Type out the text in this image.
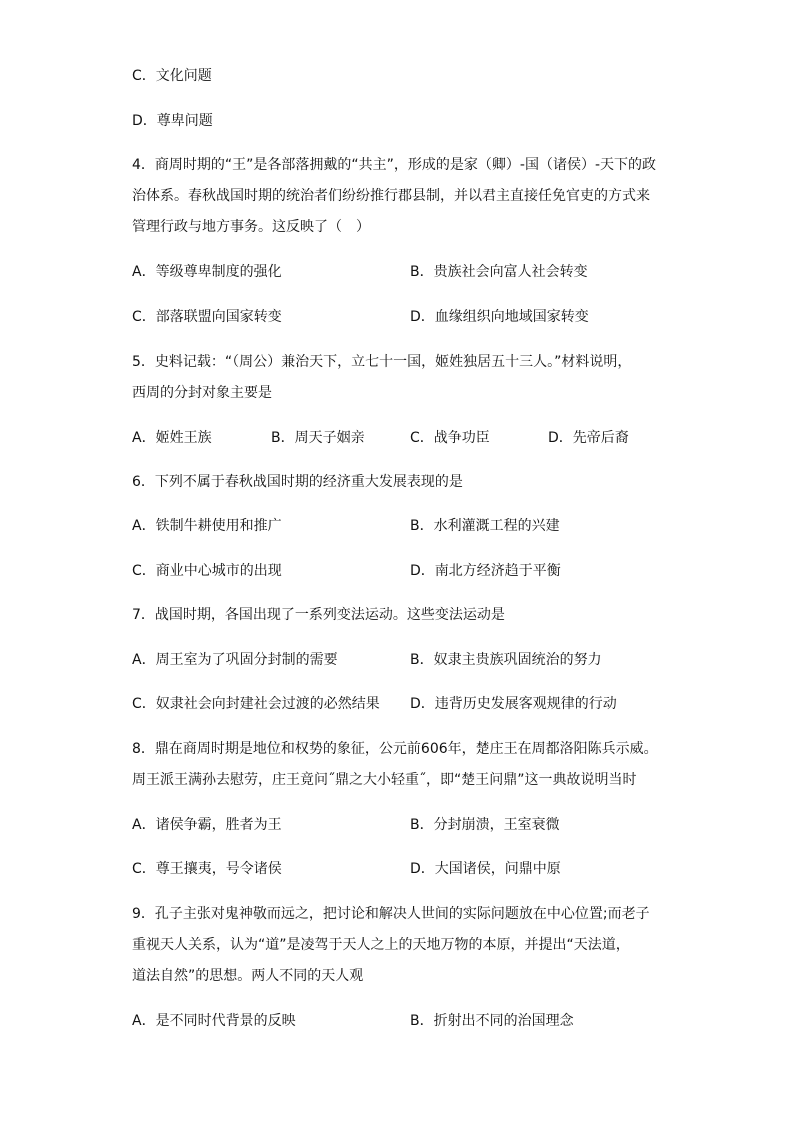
C．文化问题
D．尊卑问题
4．商周时期的“王”是各部落拥戴的“共主”，形成的是家（卿）-国（诸侯）-天下的政
治体系。春秋战国时期的统治者们纷纷推行郡县制，并以君主直接任免官吏的方式来
管理行政与地方事务。这反映了（　）
A．等级尊卑制度的强化	B．贵族社会向富人社会转变
C．部落联盟向国家转变	D．血缘组织向地域国家转变
5．史料记载：“（周公）兼治天下，立七十一国，姬姓独居五十三人。”材料说明，
西周的分封对象主要是
A．姬姓王族	B．周天子姻亲	C．战争功臣	D．先帝后裔
6．下列不属于春秋战国时期的经济重大发展表现的是
A．铁制牛耕使用和推广	B．水利灌溉工程的兴建
C．商业中心城市的出现	D．南北方经济趋于平衡
7．战国时期，各国出现了一系列变法运动。这些变法运动是
A．周王室为了巩固分封制的需要	B．奴隶主贵族巩固统治的努力
C．奴隶社会向封建社会过渡的必然结果 D．违背历史发展客观规律的行动
8．鼎在商周时期是地位和权势的象征，公元前606年，楚庄王在周都洛阳陈兵示威。
周王派王满孙去慰劳，庄王竟问˝鼎之大小轻重˝，即“楚王问鼎”这一典故说明当时
A．诸侯争霸，胜者为王	B．分封崩溃，王室衰微
C．尊王攘夷，号令诸侯	D．大国诸侯，问鼎中原
9．孔子主张对鬼神敬而远之，把讨论和解决人世间的实际问题放在中心位置;而老子
重视天人关系，认为“道”是凌驾于天人之上的天地万物的本原，并提出“天法道，
道法自然”的思想。两人不同的天人观
A．是不同时代背景的反映	B．折射出不同的治国理念
